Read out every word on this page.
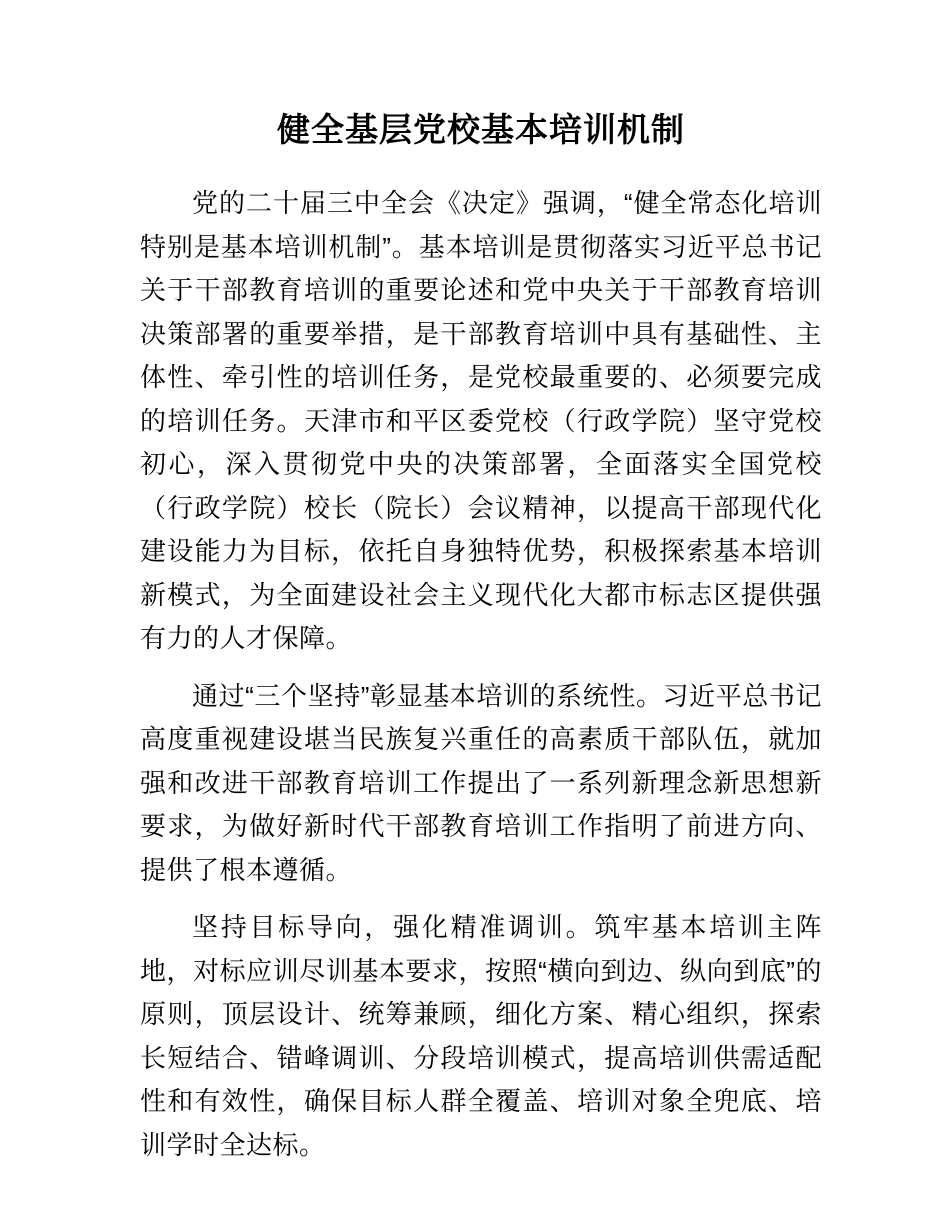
健全基层党校基本培训机制

党的二十届三中全会《决定》强调，“健全常态化培训特别是基本培训机制”。基本培训是贯彻落实习近平总书记关于干部教育培训的重要论述和党中央关于干部教育培训决策部署的重要举措，是干部教育培训中具有基础性、主体性、牵引性的培训任务，是党校最重要的、必须要完成的培训任务。天津市和平区委党校（行政学院）坚守党校初心，深入贯彻党中央的决策部署，全面落实全国党校（行政学院）校长（院长）会议精神，以提高干部现代化建设能力为目标，依托自身独特优势，积极探索基本培训新模式，为全面建设社会主义现代化大都市标志区提供强有力的人才保障。

通过“三个坚持”彰显基本培训的系统性。习近平总书记高度重视建设堪当民族复兴重任的高素质干部队伍，就加强和改进干部教育培训工作提出了一系列新理念新思想新要求，为做好新时代干部教育培训工作指明了前进方向、提供了根本遵循。

坚持目标导向，强化精准调训。筑牢基本培训主阵地，对标应训尽训基本要求，按照“横向到边、纵向到底”的原则，顶层设计、统筹兼顾，细化方案、精心组织，探索长短结合、错峰调训、分段培训模式，提高培训供需适配性和有效性，确保目标人群全覆盖、培训对象全兜底、培训学时全达标。
